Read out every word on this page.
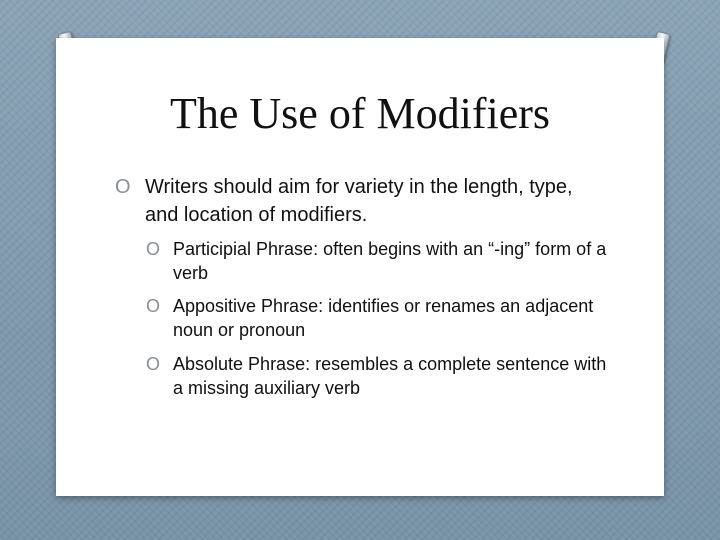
The Use of Modifiers
O Writers should aim for variety in the length, type, and location of modifiers.
O Participial Phrase: often begins with an “-ing” form of a verb
O Appositive Phrase: identifies or renames an adjacent noun or pronoun
O Absolute Phrase: resembles a complete sentence with a missing auxiliary verb
